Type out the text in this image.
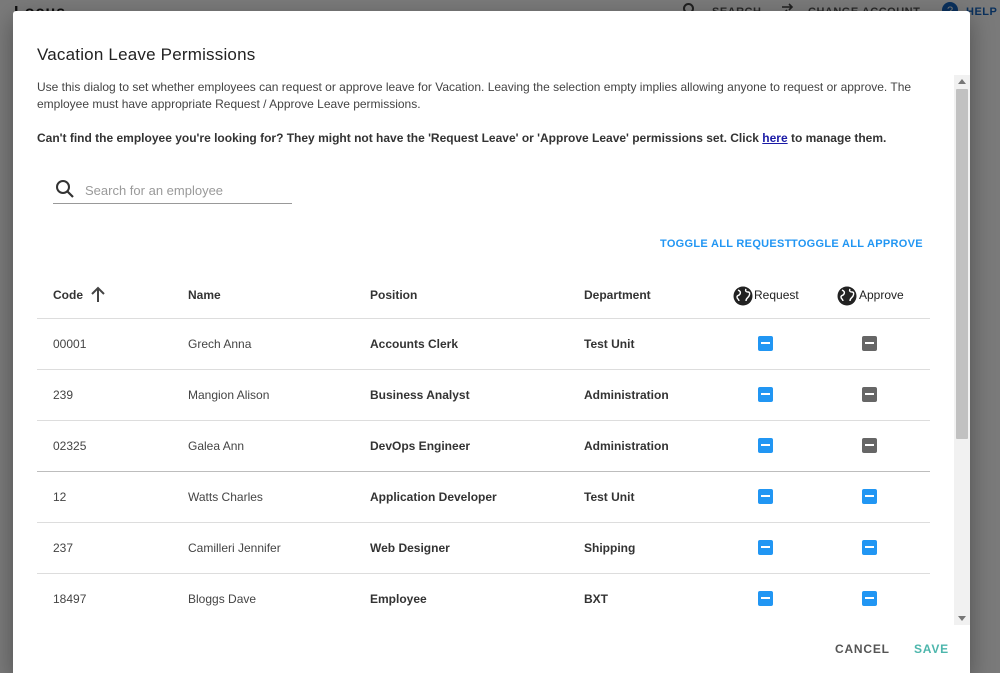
Vacation Leave Permissions
Use this dialog to set whether employees can request or approve leave for Vacation. Leaving the selection empty implies allowing anyone to request or approve. The employee must have appropriate Request / Approve Leave permissions.
Can't find the employee you're looking for? They might not have the 'Request Leave' or 'Approve Leave' permissions set. Click here to manage them.
Search for an employee
TOGGLE ALL REQUEST TOGGLE ALL APPROVE
Code	Name	Position	Department	Request	Approve
00001	Grech Anna	Accounts Clerk	Test Unit
239	Mangion Alison	Business Analyst	Administration
02325	Galea Ann	DevOps Engineer	Administration
12	Watts Charles	Application Developer	Test Unit
237	Camilleri Jennifer	Web Designer	Shipping
18497	Bloggs Dave	Employee	BXT
CANCEL SAVE
